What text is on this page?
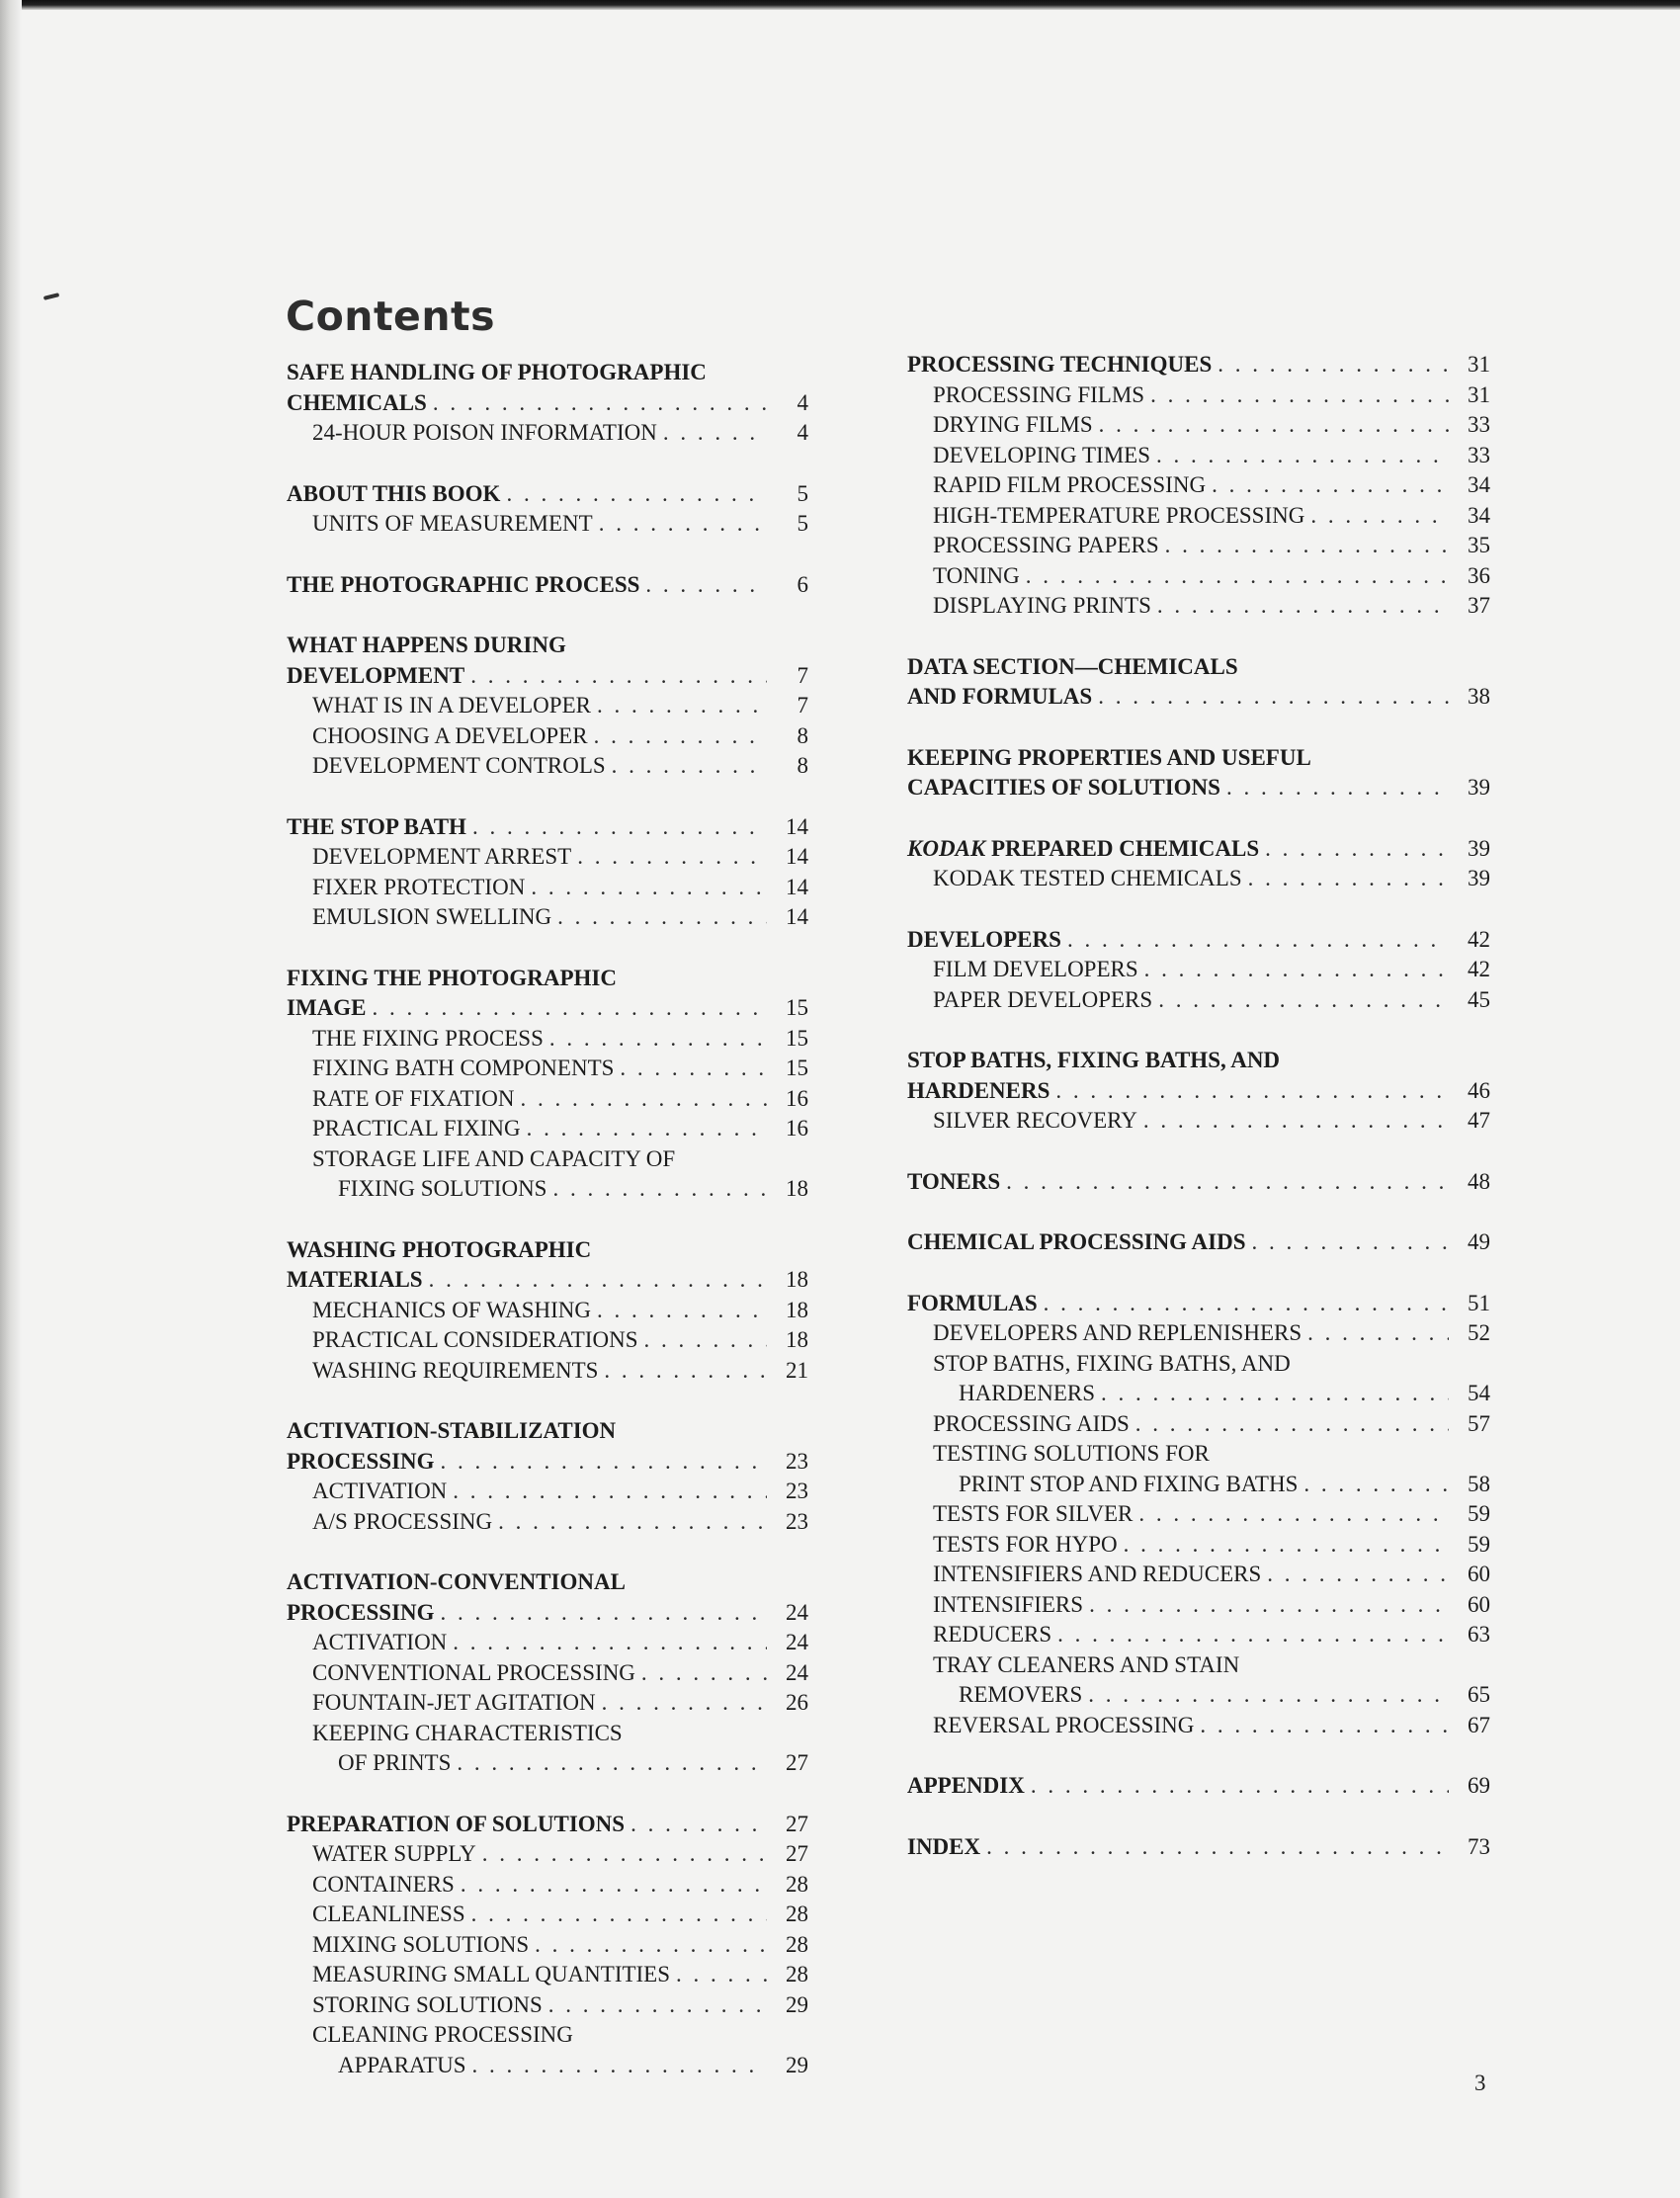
Contents
SAFE HANDLING OF PHOTOGRAPHIC
CHEMICALS . . .	4
24-HOUR POISON INFORMATION . . .	4
ABOUT THIS BOOK . . .	5
UNITS OF MEASUREMENT . . .	5
THE PHOTOGRAPHIC PROCESS . . .	6
WHAT HAPPENS DURING
DEVELOPMENT . . .	7
WHAT IS IN A DEVELOPER . . .	7
CHOOSING A DEVELOPER . . .	8
DEVELOPMENT CONTROLS . . .	8
THE STOP BATH . . .	14
DEVELOPMENT ARREST . . .	14
FIXER PROTECTION . . .	14
EMULSION SWELLING . . .	14
FIXING THE PHOTOGRAPHIC
IMAGE . . .	15
THE FIXING PROCESS . . .	15
FIXING BATH COMPONENTS . . .	15
RATE OF FIXATION . . .	16
PRACTICAL FIXING . . .	16
STORAGE LIFE AND CAPACITY OF
FIXING SOLUTIONS . . .	18
WASHING PHOTOGRAPHIC
MATERIALS . . .	18
MECHANICS OF WASHING . . .	18
PRACTICAL CONSIDERATIONS . . .	18
WASHING REQUIREMENTS . . .	21
ACTIVATION-STABILIZATION
PROCESSING . . .	23
ACTIVATION . . .	23
A/S PROCESSING . . .	23
ACTIVATION-CONVENTIONAL
PROCESSING . . .	24
ACTIVATION . . .	24
CONVENTIONAL PROCESSING . . .	24
FOUNTAIN-JET AGITATION . . .	26
KEEPING CHARACTERISTICS
OF PRINTS . . .	27
PREPARATION OF SOLUTIONS . . .	27
WATER SUPPLY . . .	27
CONTAINERS . . .	28
CLEANLINESS . . .	28
MIXING SOLUTIONS . . .	28
MEASURING SMALL QUANTITIES . . .	28
STORING SOLUTIONS . . .	29
CLEANING PROCESSING
APPARATUS . . .	29
PROCESSING TECHNIQUES . . .	31
PROCESSING FILMS . . .	31
DRYING FILMS . . .	33
DEVELOPING TIMES . . .	33
RAPID FILM PROCESSING . . .	34
HIGH-TEMPERATURE PROCESSING . . .	34
PROCESSING PAPERS . . .	35
TONING . . .	36
DISPLAYING PRINTS . . .	37
DATA SECTION—CHEMICALS
AND FORMULAS . . .	38
KEEPING PROPERTIES AND USEFUL
CAPACITIES OF SOLUTIONS . . .	39
KODAK PREPARED CHEMICALS . . .	39
KODAK TESTED CHEMICALS . . .	39
DEVELOPERS . . .	42
FILM DEVELOPERS . . .	42
PAPER DEVELOPERS . . .	45
STOP BATHS, FIXING BATHS, AND
HARDENERS . . .	46
SILVER RECOVERY . . .	47
TONERS . . .	48
CHEMICAL PROCESSING AIDS . . .	49
FORMULAS . . .	51
DEVELOPERS AND REPLENISHERS . . .	52
STOP BATHS, FIXING BATHS, AND
HARDENERS . . .	54
PROCESSING AIDS . . .	57
TESTING SOLUTIONS FOR
PRINT STOP AND FIXING BATHS . . .	58
TESTS FOR SILVER . . .	59
TESTS FOR HYPO . . .	59
INTENSIFIERS AND REDUCERS . . .	60
INTENSIFIERS . . .	60
REDUCERS . . .	63
TRAY CLEANERS AND STAIN
REMOVERS . . .	65
REVERSAL PROCESSING . . .	67
APPENDIX . . .	69
INDEX . . .	73
3
